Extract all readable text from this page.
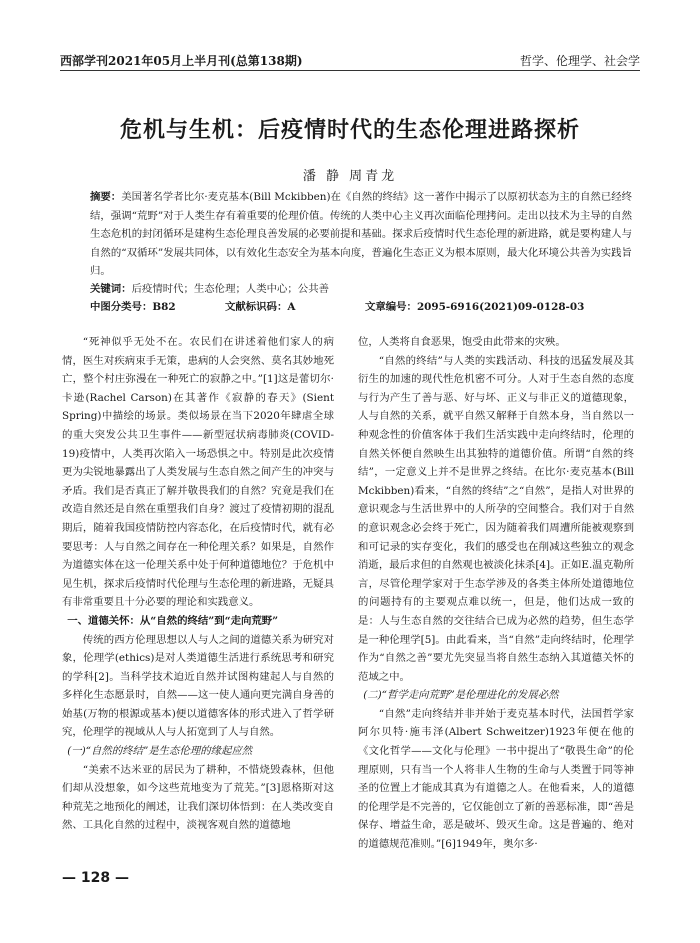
西部学刊2021年05月上半月刊(总第138期)	哲学、伦理学、社会学
危机与生机：后疫情时代的生态伦理进路探析
潘 静 周青龙
摘要：美国著名学者比尔·麦克基本(Bill Mckibben)在《自然的终结》这一著作中揭示了以原初状态为主的自然已经终结，强调“荒野”对于人类生存有着重要的伦理价值。传统的人类中心主义再次面临伦理拷问。走出以技术为主导的自然生态危机的封闭循环是建构生态伦理良善发展的必要前提和基础。探求后疫情时代生态伦理的新进路，就是要构建人与自然的“双循环”发展共同体，以有效化生态安全为基本向度，普遍化生态正义为根本原则，最大化环境公共善为实践旨归。
关键词：后疫情时代；生态伦理；人类中心；公共善
中图分类号：B82	文献标识码：A	文章编号：2095-6916(2021)09-0128-03

“死神似乎无处不在。农民们在讲述着他们家人的病情，医生对疾病束手无策，患病的人会突然、莫名其妙地死亡，整个村庄弥漫在一种死亡的寂静之中。”[1]这是蕾切尔·卡逊(Rachel Carson)在其著作《寂静的春天》(Sient Spring)中描绘的场景。类似场景在当下2020年肆虐全球的重大突发公共卫生事件——新型冠状病毒肺炎(COVID-19)疫情中，人类再次陷入一场恐惧之中。特别是此次疫情更为尖锐地暴露出了人类发展与生态自然之间产生的冲突与矛盾。我们是否真正了解并敬畏我们的自然？究竟是我们在改造自然还是自然在重塑我们自身？渡过了疫情初期的混乱期后，随着我国疫情防控内容态化，在后疫情时代，就有必要思考：人与自然之间存在一种伦理关系？如果是，自然作为道德实体在这一伦理关系中处于何种道德地位？于危机中见生机，探求后疫情时代伦理与生态伦理的新进路，无疑具有非常重要且十分必要的理论和实践意义。

一、道德关怀：从“自然的终结”到“走向荒野”

传统的西方伦理思想以人与人之间的道德关系为研究对象，伦理学(ethics)是对人类道德生活进行系统思考和研究的学科[2]。当科学技术迫近自然并试图构建起人与自然的多样化生态愿景时，自然——这一使人通向更完满自身善的始基(万物的根源或基本)便以道德客体的形式进入了哲学研究，伦理学的视域从人与人拓宽到了人与自然。

(一)“自然的终结”是生态伦理的缘起应然

“美索不达米亚的居民为了耕种，不惜烧毁森林，但他们却从没想象，如今这些荒地变为了荒芜。”[3]恩格斯对这种荒芜之地预化的阐述，让我们深切体悟到：在人类改变自然、工具化自然的过程中，淡视客观自然的道德地

位，人类将自食恶果，饱受由此带来的灾殃。

“自然的终结”与人类的实践活动、科技的迅猛发展及其衍生的加速的现代性危机密不可分。人对于生态自然的态度与行为产生了善与恶、好与坏、正义与非正义的道德现象，人与自然的关系，就平自然又解释于自然本身，当自然以一种观念性的价值客体于我们生活实践中走向终结时，伦理的自然关怀便自然映生出其独特的道德价值。所谓“自然的终结”，一定意义上并不是世界之终结。在比尔·麦克基本(Bill Mckibben)看来，“自然的终结”之“自然”，是指人对世界的意识观念与生活世界中的人所孕的空间整合。我们对于自然的意识观念必会终于死亡，因为随着我们周遭所能被观察到和可记录的实存变化，我们的感受也在削减这些独立的观念消逝，最后求但的自然观也被淡化抹杀[4]。正如E.温克勒所言，尽管伦理学家对于生态学涉及的各类主体所处道德地位的问题持有的主要观点难以统一，但是，他们达成一致的是：人与生态自然的交往结合已成为必然的趋势，但生态学是一种伦理学[5]。由此看来，当“自然”走向终结时，伦理学作为“自然之善”要尤先突显当将自然生态纳入其道德关怀的范域之中。

(二)“哲学走向荒野”是伦理进化的发展必然

“自然”走向终结并非并始于麦克基本时代，法国哲学家阿尔贝特·施韦泽(Albert Schweitzer)1923年便在他的《文化哲学——文化与伦理》一书中提出了“敬畏生命”的伦理原则，只有当一个人将非人生物的生命与人类置于同等神圣的位置上才能成其真为有道德之人。在他看来，人的道德的伦理学是不完善的，它仅能创立了新的善恶标准，即“善是保存、增益生命，恶是破坏、毁灭生命。这是普遍的、绝对的道德规范准则。”[6]1949年，奥尔多·

— 128 —
